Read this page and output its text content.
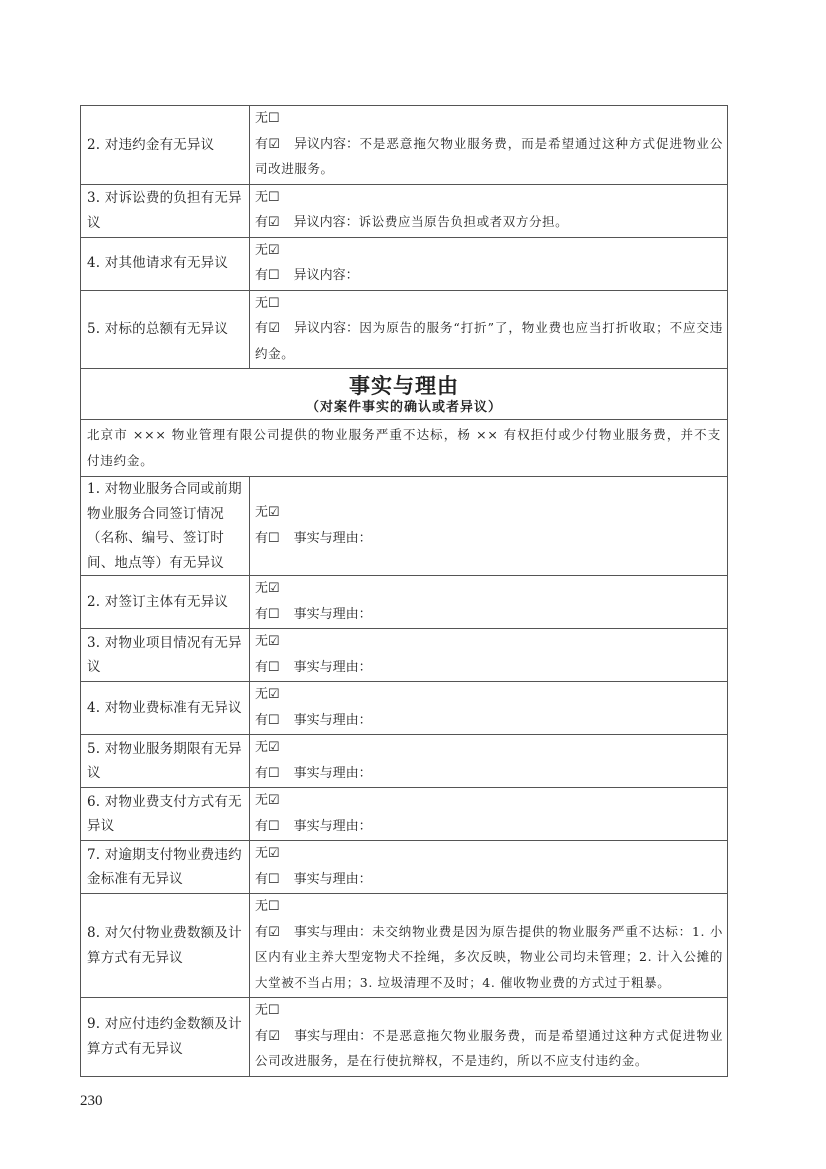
2. 对违约金有无异议	无☐
有☑ 异议内容：不是恶意拖欠物业服务费，而是希望通过这种方式促进物业公司改进服务。

3. 对诉讼费的负担有无异议	无☐
有☑ 异议内容：诉讼费应当原告负担或者双方分担。

4. 对其他请求有无异议	无☑
有☐ 异议内容：

5. 对标的总额有无异议	无☐
有☑ 异议内容：因为原告的服务“打折”了，物业费也应当打折收取；不应交违约金。

事实与理由
（对案件事实的确认或者异议）	

北京市 ××× 物业管理有限公司提供的物业服务严重不达标，杨 ×× 有权拒付或少付物业服务费，并不支付违约金。	
1. 对物业服务合同或前期物业服务合同签订情况（名称、编号、签订时间、地点等）有无异议	无☑
有☐ 事实与理由：

2. 对签订主体有无异议	无☑
有☐ 事实与理由：

3. 对物业项目情况有无异议	无☑
有☐ 事实与理由：

4. 对物业费标准有无异议	无☑
有☐ 事实与理由：

5. 对物业服务期限有无异议	无☑
有☐ 事实与理由：

6. 对物业费支付方式有无异议	无☑
有☐ 事实与理由：

7. 对逾期支付物业费违约金标准有无异议	无☑
有☐ 事实与理由：

8. 对欠付物业费数额及计算方式有无异议	无☐
有☑ 事实与理由：未交纳物业费是因为原告提供的物业服务严重不达标：1. 小区内有业主养大型宠物犬不拴绳，多次反映，物业公司均未管理；2. 计入公摊的大堂被不当占用；3. 垃圾清理不及时；4. 催收物业费的方式过于粗暴。

9. 对应付违约金数额及计算方式有无异议	无☐
有☑ 事实与理由：不是恶意拖欠物业服务费，而是希望通过这种方式促进物业公司改进服务，是在行使抗辩权，不是违约，所以不应支付违约金。
230
